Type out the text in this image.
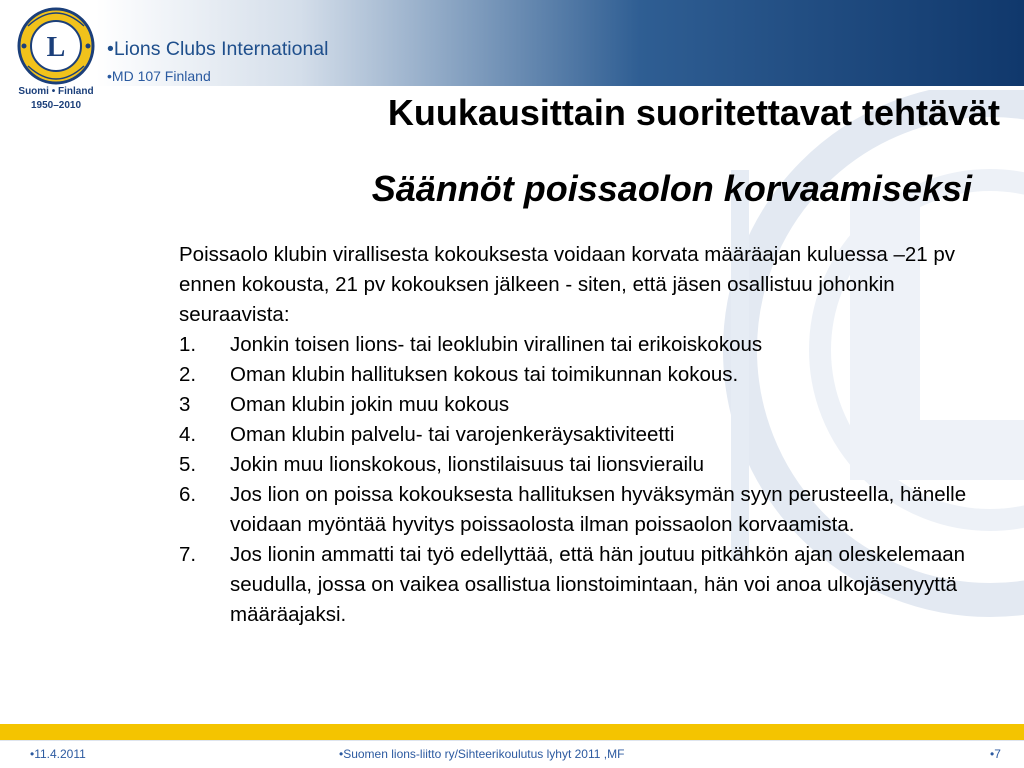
L
Suomi • Finland
1950–2010
•Lions Clubs International
•MD 107 Finland
Kuukausittain suoritettavat tehtävät
Säännöt poissaolon korvaamiseksi

Poissaolo klubin virallisesta kokouksesta voidaan korvata määräajan kuluessa –21 pv ennen kokousta, 21 pv kokouksen jälkeen - siten, että jäsen osallistuu johonkin seuraavista:

1.	Jonkin toisen lions- tai leoklubin virallinen tai erikoiskokous
2.	Oman klubin hallituksen kokous tai toimikunnan kokous.
3	Oman klubin jokin muu kokous
4.	Oman klubin palvelu- tai varojenkeräysaktiviteetti
5.	Jokin muu lionskokous, lionstilaisuus tai lionsvierailu
6.	Jos lion on poissa kokouksesta hallituksen hyväksymän syyn perusteella, hänelle voidaan myöntää hyvitys poissaolosta ilman poissaolon korvaamista.
7.	Jos lionin ammatti tai työ edellyttää, että hän joutuu pitkähkön ajan oleskelemaan seudulla, jossa on vaikea osallistua lionstoimintaan, hän voi anoa ulkojäsenyyttä määräajaksi.
•11.4.2011	•Suomen lions-liitto ry/Sihteerikoulutus lyhyt 2011 ,MF	•7
